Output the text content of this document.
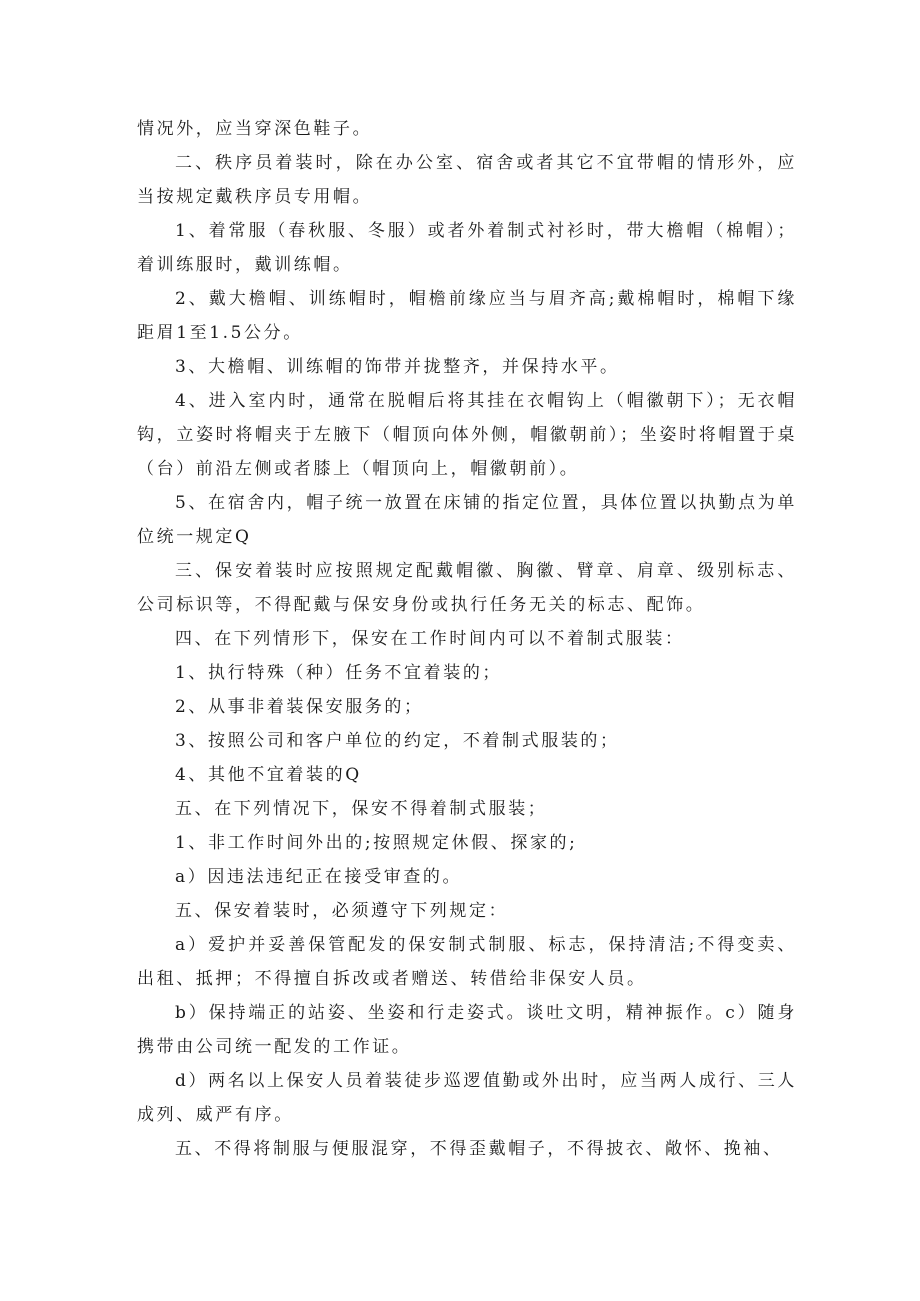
情况外，应当穿深色鞋子。

二、秩序员着装时，除在办公室、宿舍或者其它不宜带帽的情形外，应当按规定戴秩序员专用帽。

1、着常服（春秋服、冬服）或者外着制式衬衫时，带大檐帽（棉帽）；着训练服时，戴训练帽。

2、戴大檐帽、训练帽时，帽檐前缘应当与眉齐高;戴棉帽时，棉帽下缘距眉1至1.5公分。

3、大檐帽、训练帽的饰带并拢整齐，并保持水平。

4、进入室内时，通常在脱帽后将其挂在衣帽钩上（帽徽朝下）；无衣帽钩，立姿时将帽夹于左腋下（帽顶向体外侧，帽徽朝前）；坐姿时将帽置于桌（台）前沿左侧或者膝上（帽顶向上，帽徽朝前）。

5、在宿舍内，帽子统一放置在床铺的指定位置，具体位置以执勤点为单位统一规定Q

三、保安着装时应按照规定配戴帽徽、胸徽、臂章、肩章、级别标志、公司标识等，不得配戴与保安身份或执行任务无关的标志、配饰。

四、在下列情形下，保安在工作时间内可以不着制式服装：

1、执行特殊（种）任务不宜着装的；

2、从事非着装保安服务的；

3、按照公司和客户单位的约定，不着制式服装的；

4、其他不宜着装的Q

五、在下列情况下，保安不得着制式服装；

1、非工作时间外出的;按照规定休假、探家的;

a）因违法违纪正在接受审查的。

五、保安着装时，必须遵守下列规定：

a）爱护并妥善保管配发的保安制式制服、标志，保持清洁;不得变卖、出租、抵押；不得擅自拆改或者赠送、转借给非保安人员。

b）保持端正的站姿、坐姿和行走姿式。谈吐文明，精神振作。c）随身携带由公司统一配发的工作证。

d）两名以上保安人员着装徒步巡逻值勤或外出时，应当两人成行、三人成列、威严有序。

五、不得将制服与便服混穿，不得歪戴帽子，不得披衣、敞怀、挽袖、
